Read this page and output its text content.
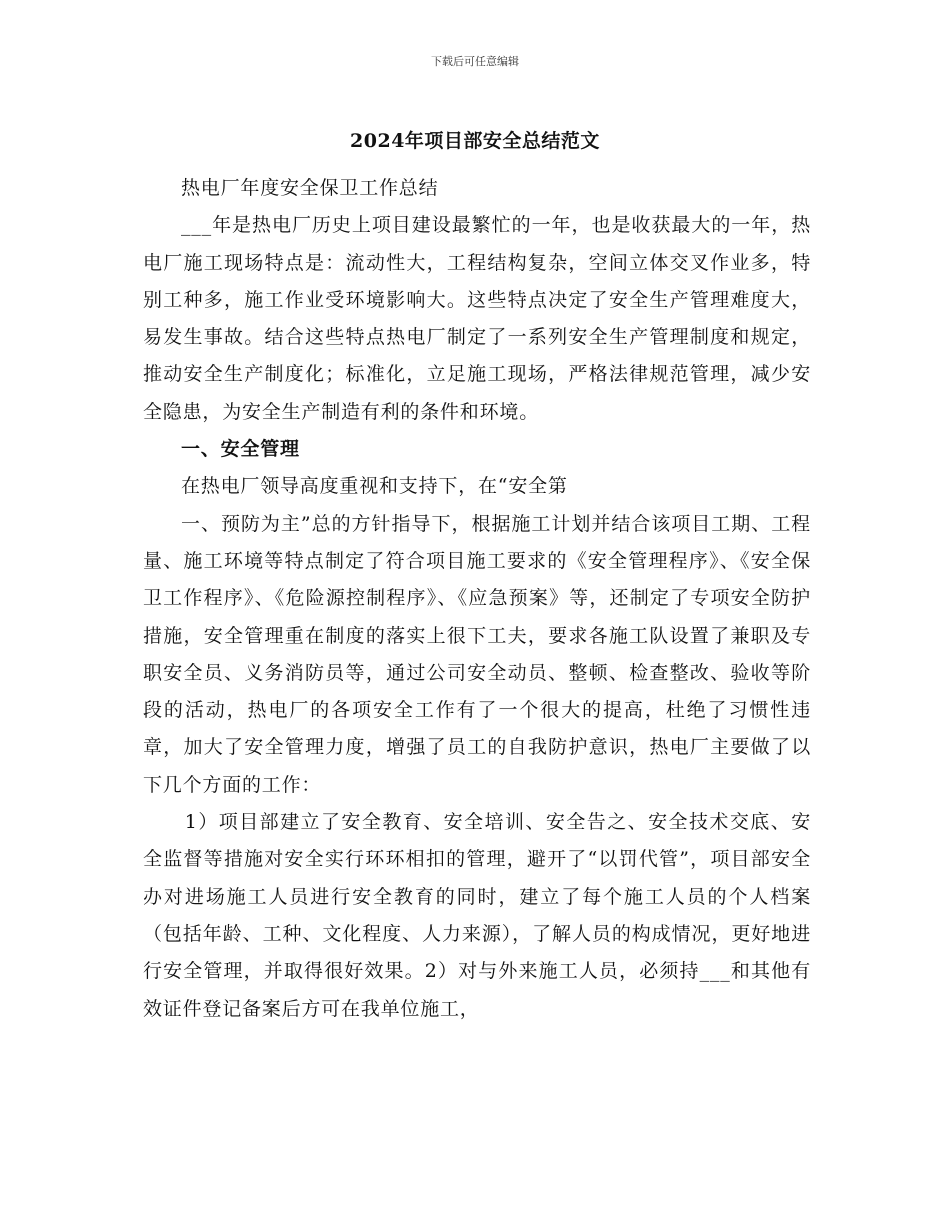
下载后可任意编辑
2024年项目部安全总结范文

热电厂年度安全保卫工作总结

___年是热电厂历史上项目建设最繁忙的一年，也是收获最大的一年，热电厂施工现场特点是：流动性大，工程结构复杂，空间立体交叉作业多，特别工种多，施工作业受环境影响大。这些特点决定了安全生产管理难度大，易发生事故。结合这些特点热电厂制定了一系列安全生产管理制度和规定，推动安全生产制度化；标准化，立足施工现场，严格法律规范管理，减少安全隐患，为安全生产制造有利的条件和环境。

一、安全管理

在热电厂领导高度重视和支持下，在“安全第

一、预防为主”总的方针指导下，根据施工计划并结合该项目工期、工程量、施工环境等特点制定了符合项目施工要求的《安全管理程序》、《安全保卫工作程序》、《危险源控制程序》、《应急预案》等，还制定了专项安全防护措施，安全管理重在制度的落实上很下工夫，要求各施工队设置了兼职及专职安全员、义务消防员等，通过公司安全动员、整顿、检查整改、验收等阶段的活动，热电厂的各项安全工作有了一个很大的提高，杜绝了习惯性违章，加大了安全管理力度，增强了员工的自我防护意识，热电厂主要做了以下几个方面的工作：

1）项目部建立了安全教育、安全培训、安全告之、安全技术交底、安全监督等措施对安全实行环环相扣的管理，避开了“以罚代管”，项目部安全办对进场施工人员进行安全教育的同时，建立了每个施工人员的个人档案（包括年龄、工种、文化程度、人力来源），了解人员的构成情况，更好地进行安全管理，并取得很好效果。2）对与外来施工人员，必须持___和其他有效证件登记备案后方可在我单位施工，
